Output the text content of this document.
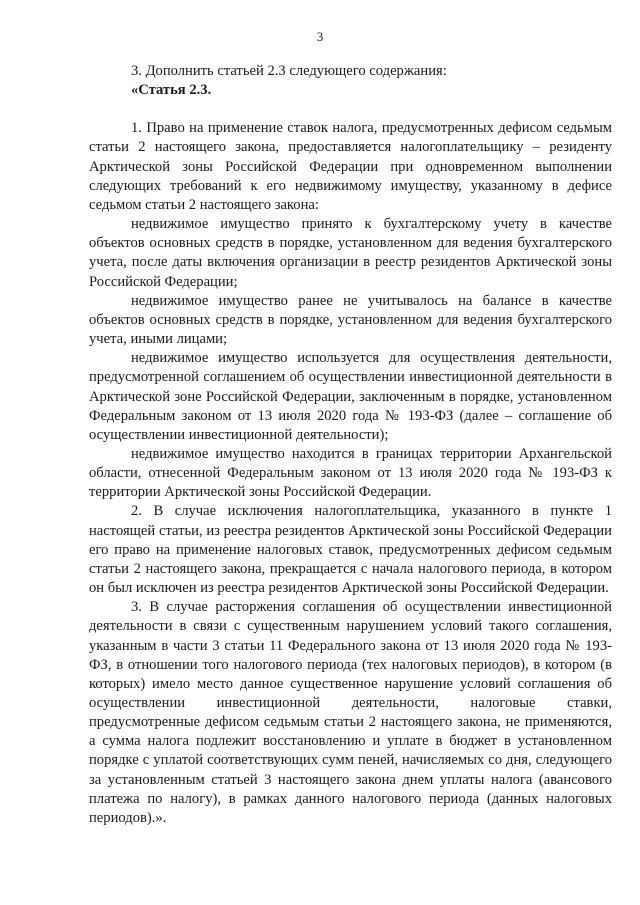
3

3. Дополнить статьей 2.3 следующего содержания:

«Статья 2.3.

1. Право на применение ставок налога, предусмотренных дефисом седьмым статьи 2 настоящего закона, предоставляется налогоплательщику – резиденту Арктической зоны Российской Федерации при одновременном выполнении следующих требований к его недвижимому имуществу, указанному в дефисе седьмом статьи 2 настоящего закона:

недвижимое имущество принято к бухгалтерскому учету в качестве объектов основных средств в порядке, установленном для ведения бухгалтерского учета, после даты включения организации в реестр резидентов Арктической зоны Российской Федерации;

недвижимое имущество ранее не учитывалось на балансе в качестве объектов основных средств в порядке, установленном для ведения бухгалтерского учета, иными лицами;

недвижимое имущество используется для осуществления деятельности, предусмотренной соглашением об осуществлении инвестиционной деятельности в Арктической зоне Российской Федерации, заключенным в порядке, установленном Федеральным законом от 13 июля 2020 года № 193-ФЗ (далее – соглашение об осуществлении инвестиционной деятельности);

недвижимое имущество находится в границах территории Архангельской области, отнесенной Федеральным законом от 13 июля 2020 года № 193-ФЗ к территории Арктической зоны Российской Федерации.

2. В случае исключения налогоплательщика, указанного в пункте 1 настоящей статьи, из реестра резидентов Арктической зоны Российской Федерации его право на применение налоговых ставок, предусмотренных дефисом седьмым статьи 2 настоящего закона, прекращается с начала налогового периода, в котором он был исключен из реестра резидентов Арктической зоны Российской Федерации.

3. В случае расторжения соглашения об осуществлении инвестиционной деятельности в связи с существенным нарушением условий такого соглашения, указанным в части 3 статьи 11 Федерального закона от 13 июля 2020 года № 193-ФЗ, в отношении того налогового периода (тех налоговых периодов), в котором (в которых) имело место данное существенное нарушение условий соглашения об осуществлении инвестиционной деятельности, налоговые ставки, предусмотренные дефисом седьмым статьи 2 настоящего закона, не применяются, а сумма налога подлежит восстановлению и уплате в бюджет в установленном порядке с уплатой соответствующих сумм пеней, начисляемых со дня, следующего за установленным статьей 3 настоящего закона днем уплаты налога (авансового платежа по налогу), в рамках данного налогового периода (данных налоговых периодов).».
